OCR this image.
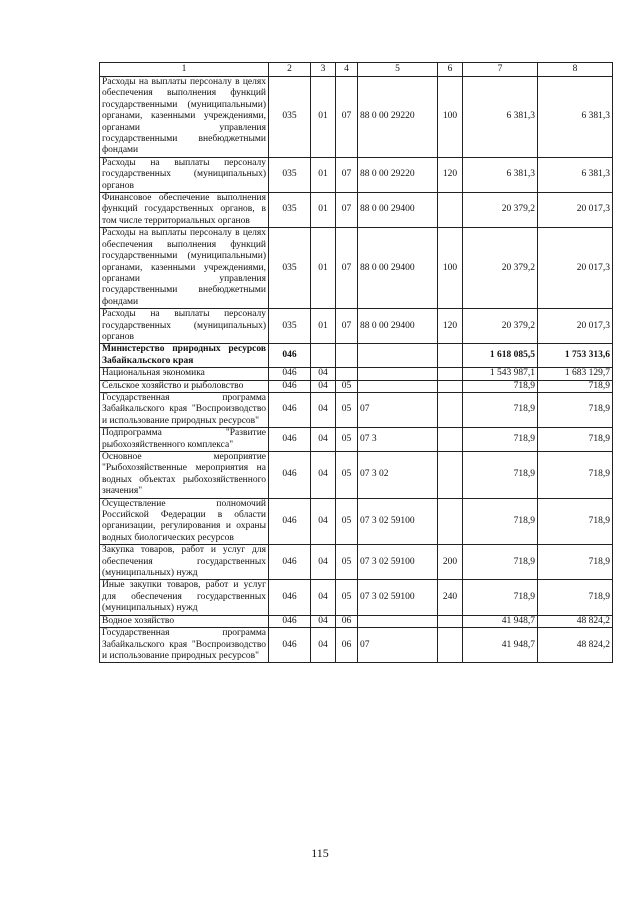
1	2	3	4	5	6	7	8
Расходы на выплаты персоналу в целях обеспечения выполнения функций государственными (муниципальными) органами, казенными учреждениями, органами управления государственными внебюджетными фондами	035	01	07	88 0 00 29220	100	6 381,3	6 381,3
Расходы на выплаты персоналу государственных (муниципальных) органов	035	01	07	88 0 00 29220	120	6 381,3	6 381,3
Финансовое обеспечение выполнения функций государственных органов, в том числе территориальных органов	035	01	07	88 0 00 29400		20 379,2	20 017,3
Расходы на выплаты персоналу в целях обеспечения выполнения функций государственными (муниципальными) органами, казенными учреждениями, органами управления государственными внебюджетными фондами	035	01	07	88 0 00 29400	100	20 379,2	20 017,3
Расходы на выплаты персоналу государственных (муниципальных) органов	035	01	07	88 0 00 29400	120	20 379,2	20 017,3
Министерство природных ресурсов Забайкальского края	046					1 618 085,5	1 753 313,6
Национальная экономика	046	04				1 543 987,1	1 683 129,7
Сельское хозяйство и рыболовство	046	04	05			718,9	718,9
Государственная программа Забайкальского края "Воспроизводство и использование природных ресурсов"	046	04	05	07		718,9	718,9
Подпрограмма "Развитие рыбохозяйственного комплекса"	046	04	05	07 3		718,9	718,9
Основное мероприятие "Рыбохозяйственные мероприятия на водных объектах рыбохозяйственного значения"	046	04	05	07 3 02		718,9	718,9
Осуществление полномочий Российской Федерации в области организации, регулирования и охраны водных биологических ресурсов	046	04	05	07 3 02 59100		718,9	718,9
Закупка товаров, работ и услуг для обеспечения государственных (муниципальных) нужд	046	04	05	07 3 02 59100	200	718,9	718,9
Иные закупки товаров, работ и услуг для обеспечения государственных (муниципальных) нужд	046	04	05	07 3 02 59100	240	718,9	718,9
Водное хозяйство	046	04	06			41 948,7	48 824,2
Государственная программа Забайкальского края "Воспроизводство и использование природных ресурсов"	046	04	06	07		41 948,7	48 824,2
115
